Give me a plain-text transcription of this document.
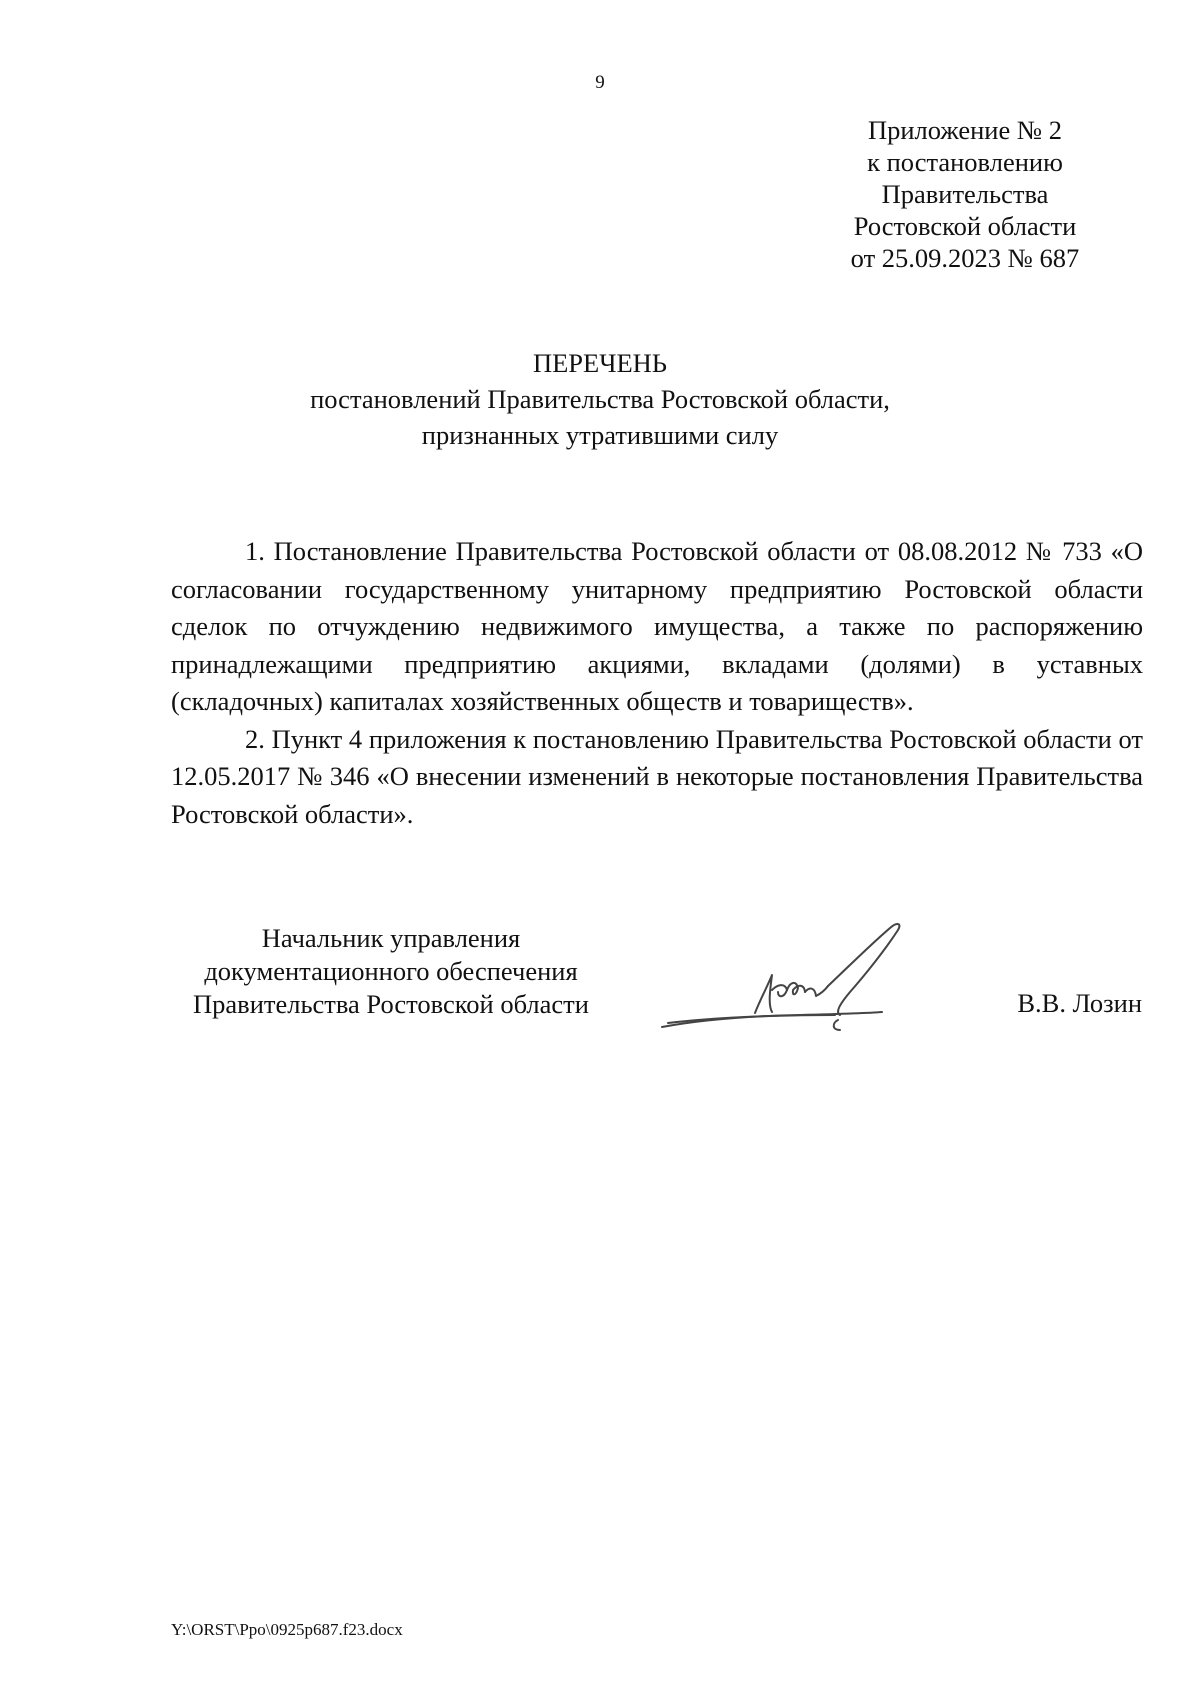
9
Приложение № 2
к постановлению
Правительства
Ростовской области
от 25.09.2023 № 687
ПЕРЕЧЕНЬ
постановлений Правительства Ростовской области,
признанных утратившими силу

1. Постановление Правительства Ростовской области от 08.08.2012 № 733 «О согласовании государственному унитарному предприятию Ростовской области сделок по отчуждению недвижимого имущества, а также по распоряжению принадлежащими предприятию акциями, вкладами (долями) в уставных (складочных) капиталах хозяйственных обществ и товариществ».

2. Пункт 4 приложения к постановлению Правительства Ростовской области от 12.05.2017 № 346 «О внесении изменений в некоторые постановления Правительства Ростовской области».

Начальник управления
документационного обеспечения
Правительства Ростовской области	В.В. Лозин
Y:\ORST\Ppo\0925p687.f23.docx
